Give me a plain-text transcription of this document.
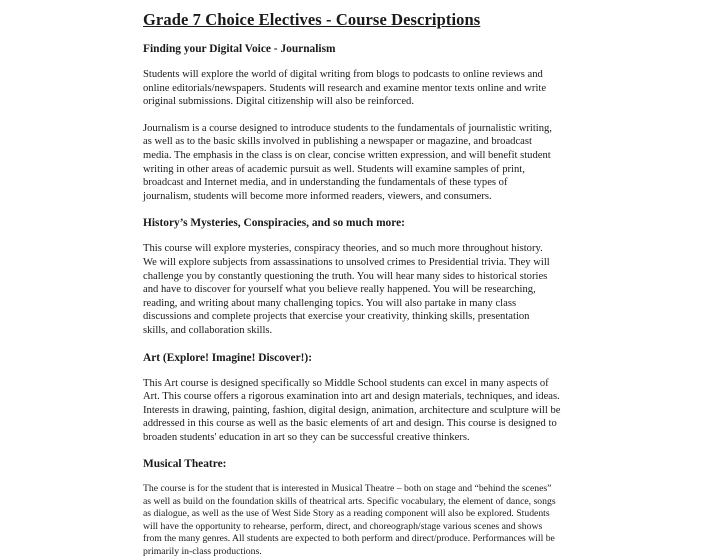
Grade 7 Choice Electives - Course Descriptions
Finding your Digital Voice - Journalism
Students will explore the world of digital writing from blogs to podcasts to online reviews and
online editorials/newspapers. Students will research and examine mentor texts online and write
original submissions. Digital citizenship will also be reinforced.
Journalism is a course designed to introduce students to the fundamentals of journalistic writing,
as well as to the basic skills involved in publishing a newspaper or magazine, and broadcast
media. The emphasis in the class is on clear, concise written expression, and will benefit student
writing in other areas of academic pursuit as well. Students will examine samples of print,
broadcast and Internet media, and in understanding the fundamentals of these types of
journalism, students will become more informed readers, viewers, and consumers.
History’s Mysteries, Conspiracies, and so much more:
This course will explore mysteries, conspiracy theories, and so much more throughout history.
We will explore subjects from assassinations to unsolved crimes to Presidential trivia. They will
challenge you by constantly questioning the truth. You will hear many sides to historical stories
and have to discover for yourself what you believe really happened. You will be researching,
reading, and writing about many challenging topics. You will also partake in many class
discussions and complete projects that exercise your creativity, thinking skills, presentation
skills, and collaboration skills.
Art (Explore! Imagine! Discover!):
This Art course is designed specifically so Middle School students can excel in many aspects of
Art. This course offers a rigorous examination into art and design materials, techniques, and ideas.
Interests in drawing, painting, fashion, digital design, animation, architecture and sculpture will be
addressed in this course as well as the basic elements of art and design. This course is designed to
broaden students' education in art so they can be successful creative thinkers.
Musical Theatre:
The course is for the student that is interested in Musical Theatre – both on stage and “behind the scenes”
as well as build on the foundation skills of theatrical arts. Specific vocabulary, the element of dance, songs
as dialogue, as well as the use of West Side Story as a reading component will also be explored. Students
will have the opportunity to rehearse, perform, direct, and choreograph/stage various scenes and shows
from the many genres. All students are expected to both perform and direct/produce. Performances will be
primarily in-class productions.
